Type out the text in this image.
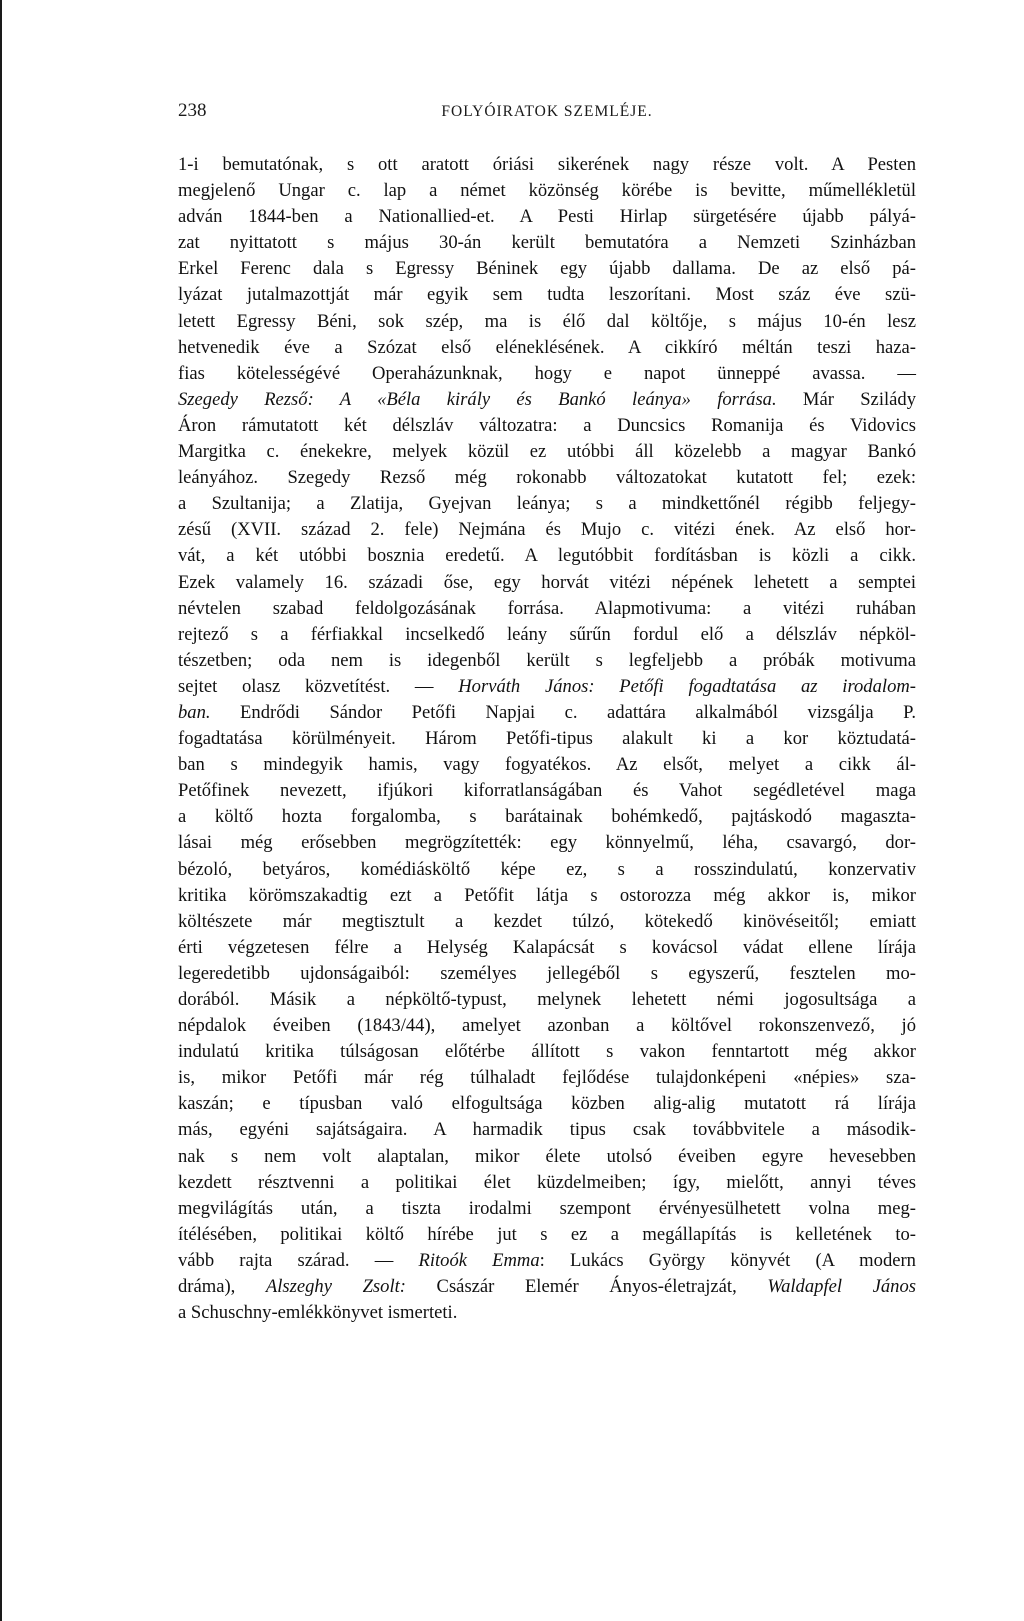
238	FOLYÓIRATOK SZEMLÉJE.
1-i bemutatónak, s ott aratott óriási sikerének nagy része volt. A Pesten
megjelenő Ungar c. lap a német közönség körébe is bevitte, műmellékletül
adván 1844-ben a Nationallied-et. A Pesti Hirlap sürgetésére újabb pályá-
zat nyittatott s május 30-án került bemutatóra a Nemzeti Szinházban
Erkel Ferenc dala s Egressy Béninek egy újabb dallama. De az első pá-
lyázat jutalmazottját már egyik sem tudta leszorítani. Most száz éve szü-
letett Egressy Béni, sok szép, ma is élő dal költője, s május 10-én lesz
hetvenedik éve a Szózat első eléneklésének. A cikkíró méltán teszi haza-
fias kötelességévé Operaházunknak, hogy e napot ünneppé avassa. —
Szegedy Rezső: A «Béla király és Bankó leánya» forrása. Már Szilády
Áron rámutatott két délszláv változatra: a Duncsics Romanija és Vidovics
Margitka c. énekekre, melyek közül ez utóbbi áll közelebb a magyar Bankó
leányához. Szegedy Rezső még rokonabb változatokat kutatott fel; ezek:
a Szultanija; a Zlatija, Gyejvan leánya; s a mindkettőnél régibb feljegy-
zésű (XVII. század 2. fele) Nejmána és Mujo c. vitézi ének. Az első hor-
vát, a két utóbbi bosznia eredetű. A legutóbbit fordításban is közli a cikk.
Ezek valamely 16. századi őse, egy horvát vitézi népének lehetett a semptei
névtelen szabad feldolgozásának forrása. Alapmotivuma: a vitézi ruhában
rejtező s a férfiakkal incselkedő leány sűrűn fordul elő a délszláv népköl-
tészetben; oda nem is idegenből került s legfeljebb a próbák motivuma
sejtet olasz közvetítést. — Horváth János: Petőfi fogadtatása az irodalom-
ban. Endrődi Sándor Petőfi Napjai c. adattára alkalmából vizsgálja P.
fogadtatása körülményeit. Három Petőfi-tipus alakult ki a kor köztudatá-
ban s mindegyik hamis, vagy fogyatékos. Az elsőt, melyet a cikk ál-
Petőfinek nevezett, ifjúkori kiforratlanságában és Vahot segédletével maga
a költő hozta forgalomba, s barátainak bohémkedő, pajtáskodó magaszta-
lásai még erősebben megrögzítették: egy könnyelmű, léha, csavargó, dor-
bézoló, betyáros, komédiásköltő képe ez, s a rosszindulatú, konzervativ
kritika körömszakadtig ezt a Petőfit látja s ostorozza még akkor is, mikor
költészete már megtisztult a kezdet túlzó, kötekedő kinövéseitől; emiatt
érti végzetesen félre a Helység Kalapácsát s kovácsol vádat ellene lírája
legeredetibb ujdonságaiból: személyes jellegéből s egyszerű, fesztelen mo-
dorából. Másik a népköltő-typust, melynek lehetett némi jogosultsága a
népdalok éveiben (1843/44), amelyet azonban a költővel rokonszenvező, jó
indulatú kritika túlságosan előtérbe állított s vakon fenntartott még akkor
is, mikor Petőfi már rég túlhaladt fejlődése tulajdonképeni «népies» sza-
kaszán; e típusban való elfogultsága közben alig-alig mutatott rá lírája
más, egyéni sajátságaira. A harmadik tipus csak továbbvitele a második-
nak s nem volt alaptalan, mikor élete utolsó éveiben egyre hevesebben
kezdett résztvenni a politikai élet küzdelmeiben; így, mielőtt, annyi téves
megvilágítás után, a tiszta irodalmi szempont érvényesülhetett volna meg-
ítélésében, politikai költő hírébe jut s ez a megállapítás is kelletének to-
vább rajta szárad. — Ritoók Emma: Lukács György könyvét (A modern
dráma), Alszeghy Zsolt: Császár Elemér Ányos-életrajzát, Waldapfel János
a Schuschny-emlékkönyvet ismerteti.
